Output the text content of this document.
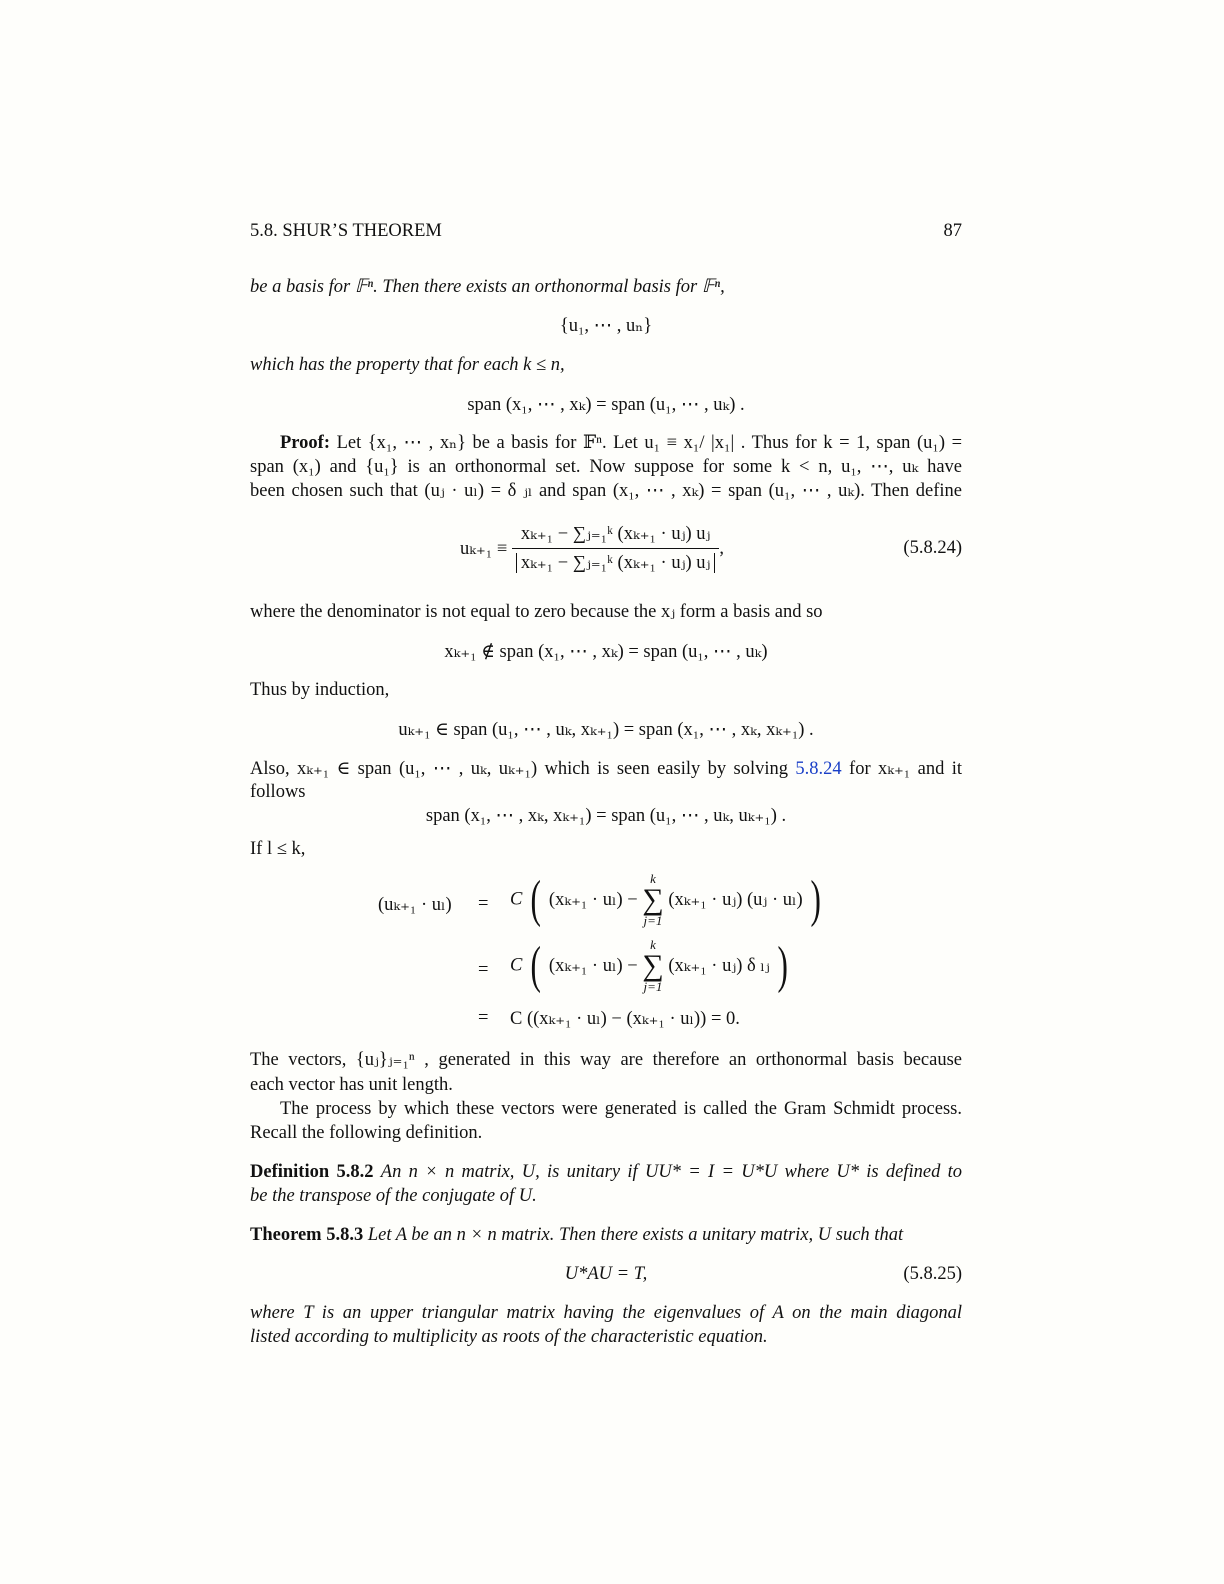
5.8. SHUR’S THEOREM	87
be a basis for 𝔽ⁿ. Then there exists an orthonormal basis for 𝔽ⁿ,
{u₁, ⋯ , uₙ}
which has the property that for each k ≤ n,
span (x₁, ⋯ , xₖ) = span (u₁, ⋯ , uₖ) .
Proof: Let {x₁, ⋯ , xₙ} be a basis for 𝔽ⁿ. Let u₁ ≡ x₁/ |x₁| . Thus for k = 1, span (u₁) =
span (x₁) and {u₁} is an orthonormal set. Now suppose for some k < n, u₁, ⋯, uₖ have
been chosen such that (uⱼ · uₗ) = δ ⱼₗ and span (x₁, ⋯ , xₖ) = span (u₁, ⋯ , uₖ). Then define
$u_{k+1} \equiv \frac{\text{xₖ₊₁ − ∑ⱼ₌₁ᵏ (xₖ₊₁ · uⱼ) uⱼ}}{\text{xₖ₊₁ − ∑ⱼ₌₁ᵏ (xₖ₊₁ · uⱼ) uⱼ}}$ ,	(5.8.24)
where the denominator is not equal to zero because the xⱼ form a basis and so
xₖ₊₁ ∉ span (x₁, ⋯ , xₖ) = span (u₁, ⋯ , uₖ)
Thus by induction,
uₖ₊₁ ∈ span (u₁, ⋯ , uₖ, xₖ₊₁) = span (x₁, ⋯ , xₖ, xₖ₊₁) .
Also, xₖ₊₁ ∈ span (u₁, ⋯ , uₖ, uₖ₊₁) which is seen easily by solving 5.8.24 for xₖ₊₁ and it
follows
span (x₁, ⋯ , xₖ, xₖ₊₁) = span (u₁, ⋯ , uₖ, uₖ₊₁) .
If l ≤ k,
(uₖ₊₁ · uₗ) = C ( (xₖ₊₁ · uₗ) −
k
∑
j=1
(xₖ₊₁ · uⱼ) (uⱼ · uₗ) )
= C ( (xₖ₊₁ · uₗ) −
k
∑
j=1
(xₖ₊₁ · uⱼ) δ ₗⱼ )
= C ((xₖ₊₁ · uₗ) − (xₖ₊₁ · uₗ)) = 0.
The vectors, {uⱼ}ⱼ₌₁ⁿ , generated in this way are therefore an orthonormal basis because
each vector has unit length.
The process by which these vectors were generated is called the Gram Schmidt process.
Recall the following definition.
Definition 5.8.2 An n × n matrix, U, is unitary if UU* = I = U*U where U* is defined to
be the transpose of the conjugate of U.
Theorem 5.8.3 Let A be an n × n matrix. Then there exists a unitary matrix, U such that
U*AU = T,	(5.8.25)
where T is an upper triangular matrix having the eigenvalues of A on the main diagonal
listed according to multiplicity as roots of the characteristic equation.
